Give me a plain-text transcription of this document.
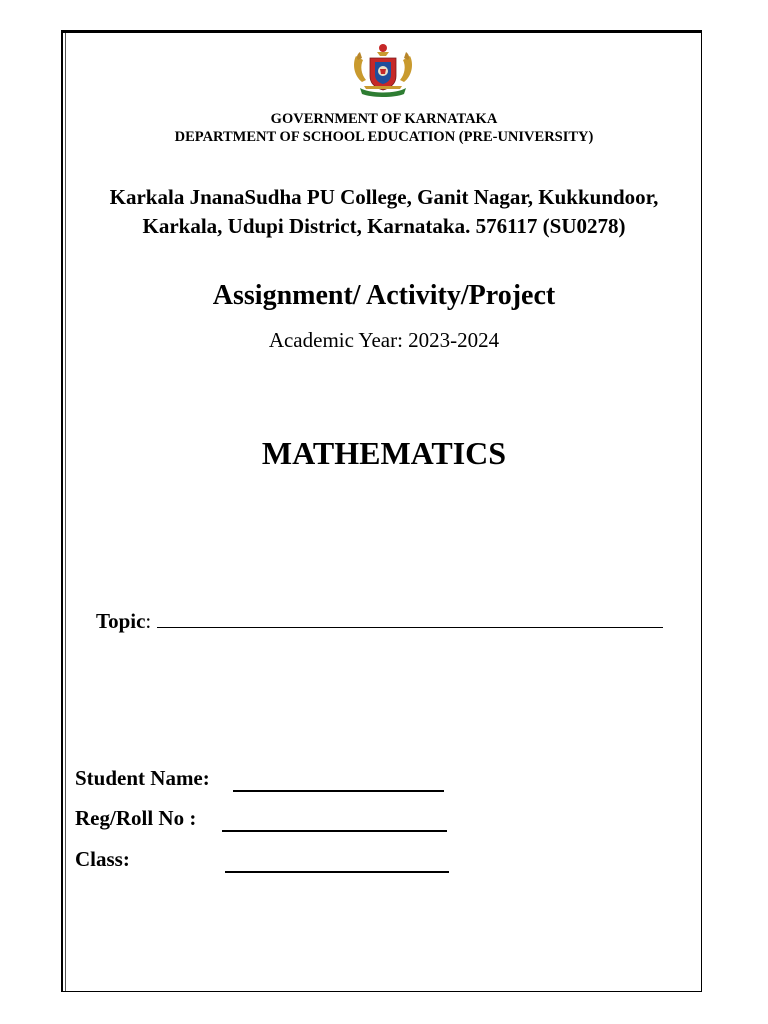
GOVERNMENT OF KARNATAKA
DEPARTMENT OF SCHOOL EDUCATION (PRE-UNIVERSITY)
Karkala JnanaSudha PU College, Ganit Nagar, Kukkundoor,
Karkala, Udupi District, Karnataka. 576117 (SU0278)
Assignment/ Activity/Project
Academic Year: 2023-2024
MATHEMATICS
Topic:
Student Name:
Reg/Roll No :
Class:
